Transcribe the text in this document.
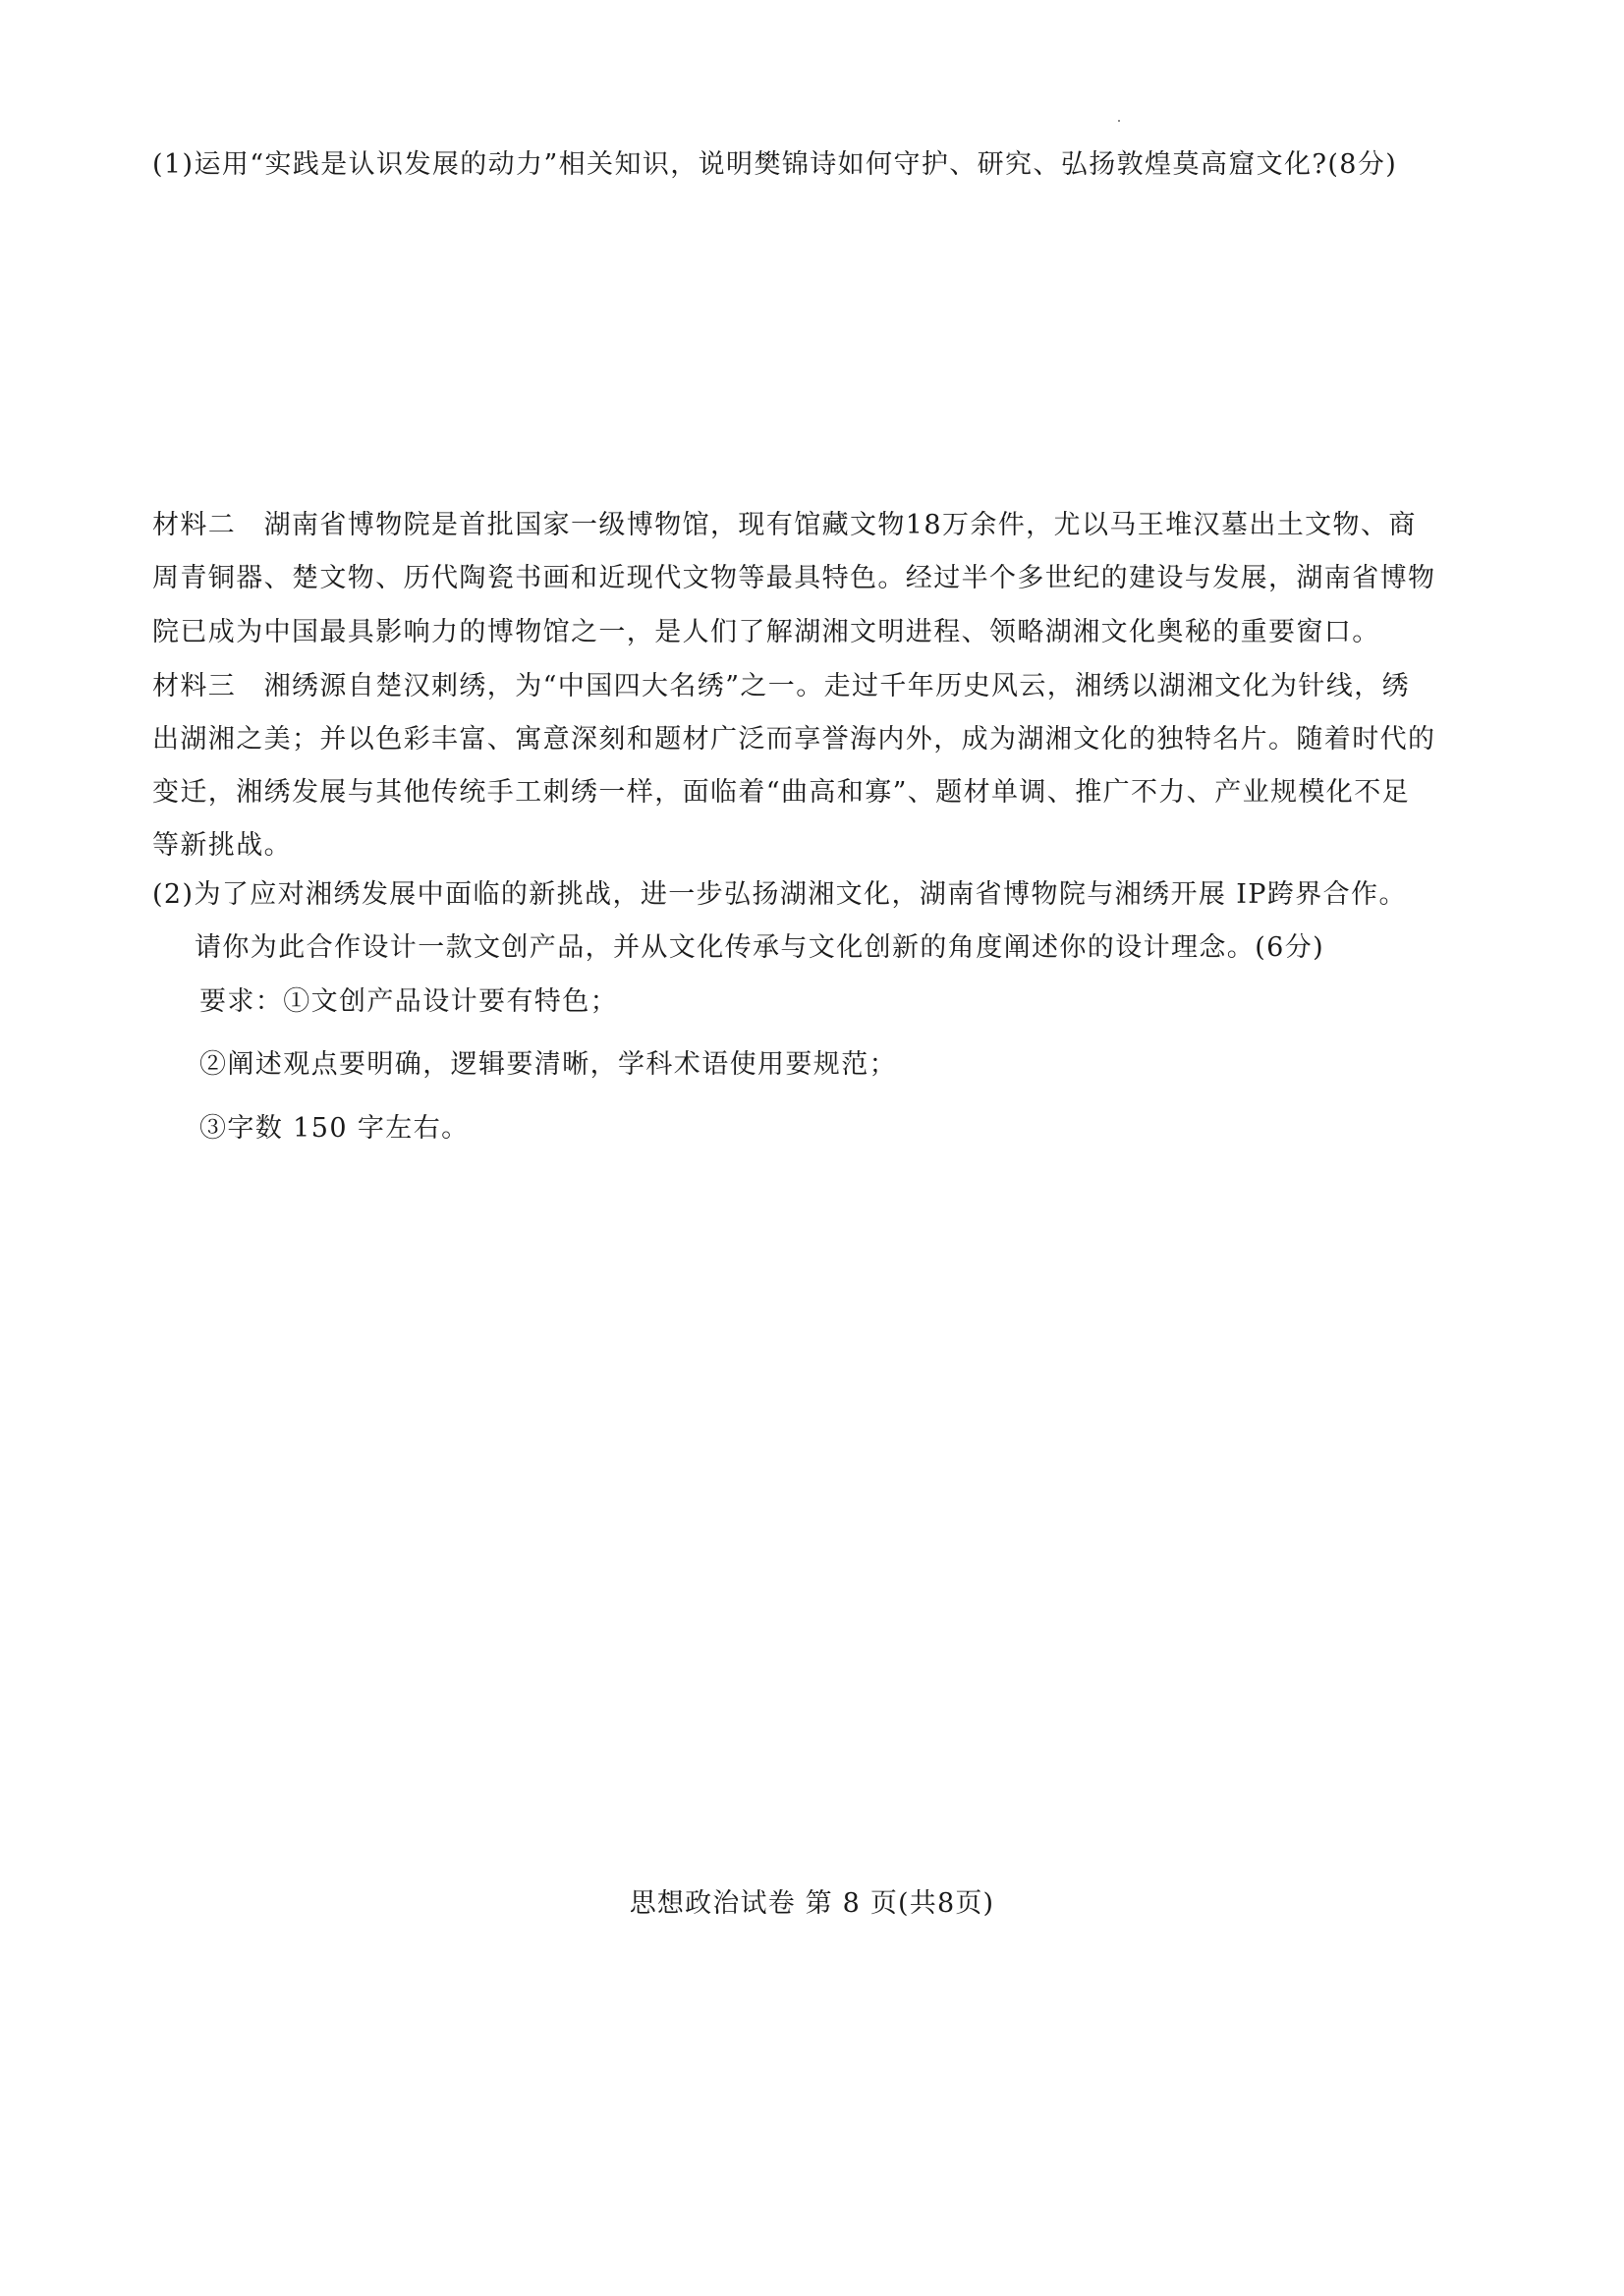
(1)运用“实践是认识发展的动力”相关知识，说明樊锦诗如何守护、研究、弘扬敦煌莫高窟文化?(8分)
材料二　湖南省博物院是首批国家一级博物馆，现有馆藏文物18万余件，尤以马王堆汉墓出土文物、商
周青铜器、楚文物、历代陶瓷书画和近现代文物等最具特色。经过半个多世纪的建设与发展，湖南省博物
院已成为中国最具影响力的博物馆之一，是人们了解湖湘文明进程、领略湖湘文化奥秘的重要窗口。
材料三　湘绣源自楚汉刺绣，为“中国四大名绣”之一。走过千年历史风云，湘绣以湖湘文化为针线，绣
出湖湘之美；并以色彩丰富、寓意深刻和题材广泛而享誉海内外，成为湖湘文化的独特名片。随着时代的
变迁，湘绣发展与其他传统手工刺绣一样，面临着“曲高和寡”、题材单调、推广不力、产业规模化不足
等新挑战。
(2)为了应对湘绣发展中面临的新挑战，进一步弘扬湖湘文化，湖南省博物院与湘绣开展 IP跨界合作。
请你为此合作设计一款文创产品，并从文化传承与文化创新的角度阐述你的设计理念。(6分)
要求：①文创产品设计要有特色；
②阐述观点要明确，逻辑要清晰，学科术语使用要规范；
③字数 150 字左右。
思想政治试卷 第 8 页(共8页)
